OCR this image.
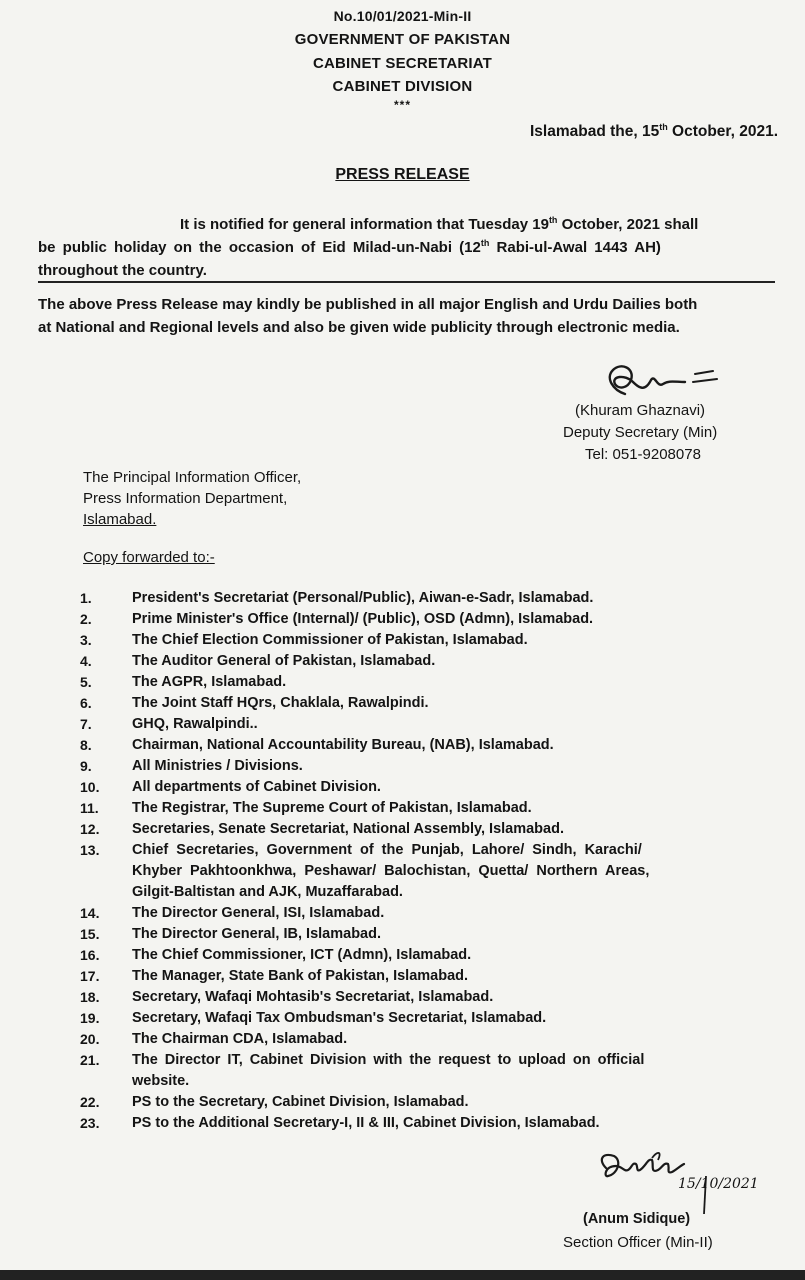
No.10/01/2021-Min-II
GOVERNMENT OF PAKISTAN
CABINET SECRETARIAT
CABINET DIVISION
***
Islamabad the, 15th October, 2021.
PRESS RELEASE
It is notified for general information that Tuesday 19th October, 2021 shall
be public holiday on the occasion of Eid Milad-un-Nabi (12th Rabi-ul-Awal 1443 AH)
throughout the country.
The above Press Release may kindly be published in all major English and Urdu Dailies both
at National and Regional levels and also be given wide publicity through electronic media.
(Khuram Ghaznavi)
Deputy Secretary (Min)
Tel: 051-9208078
The Principal Information Officer,
Press Information Department,
Islamabad.
Copy forwarded to:-
1.	President's Secretariat (Personal/Public), Aiwan-e-Sadr, Islamabad.
2.	Prime Minister's Office (Internal)/ (Public), OSD (Admn), Islamabad.
3.	The Chief Election Commissioner of Pakistan, Islamabad.
4.	The Auditor General of Pakistan, Islamabad.
5.	The AGPR, Islamabad.
6.	The Joint Staff HQrs, Chaklala, Rawalpindi.
7.	GHQ, Rawalpindi..
8.	Chairman, National Accountability Bureau, (NAB), Islamabad.
9.	All Ministries / Divisions.
10. All departments of Cabinet Division.
11. The Registrar, The Supreme Court of Pakistan, Islamabad.
12. Secretaries, Senate Secretariat, National Assembly, Islamabad.
13. Chief Secretaries, Government of the Punjab, Lahore/ Sindh, Karachi/
Khyber Pakhtoonkhwa, Peshawar/ Balochistan, Quetta/ Northern Areas,
Gilgit-Baltistan and AJK, Muzaffarabad.
14. The Director General, ISI, Islamabad.
15. The Director General, IB, Islamabad.
16. The Chief Commissioner, ICT (Admn), Islamabad.
17. The Manager, State Bank of Pakistan, Islamabad.
18. Secretary, Wafaqi Mohtasib's Secretariat, Islamabad.
19. Secretary, Wafaqi Tax Ombudsman's Secretariat, Islamabad.
20. The Chairman CDA, Islamabad.
21. The Director IT, Cabinet Division with the request to upload on official
website.
22. PS to the Secretary, Cabinet Division, Islamabad.
23. PS to the Additional Secretary-I, II & III, Cabinet Division, Islamabad.
15/10/2021
(Anum Sidique)
Section Officer (Min-II)
